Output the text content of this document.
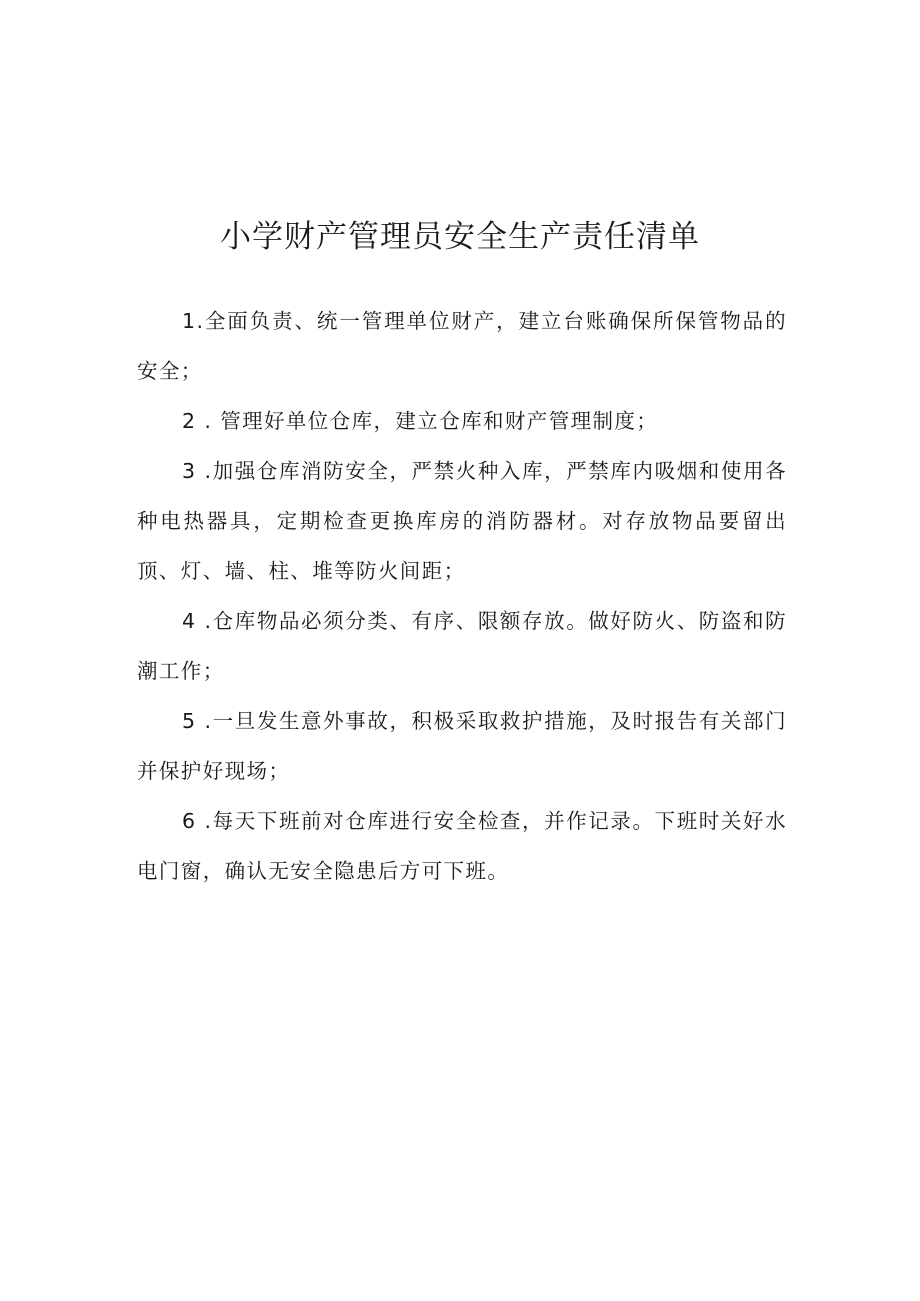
小学财产管理员安全生产责任清单

1.全面负责、统一管理单位财产，建立台账确保所保管物品的安全；

2 . 管理好单位仓库，建立仓库和财产管理制度；

3 .加强仓库消防安全，严禁火种入库，严禁库内吸烟和使用各种电热器具，定期检查更换库房的消防器材。对存放物品要留出顶、灯、墙、柱、堆等防火间距；

4 .仓库物品必须分类、有序、限额存放。做好防火、防盗和防潮工作；

5 .一旦发生意外事故，积极采取救护措施，及时报告有关部门并保护好现场；

6 .每天下班前对仓库进行安全检查，并作记录。下班时关好水电门窗，确认无安全隐患后方可下班。
